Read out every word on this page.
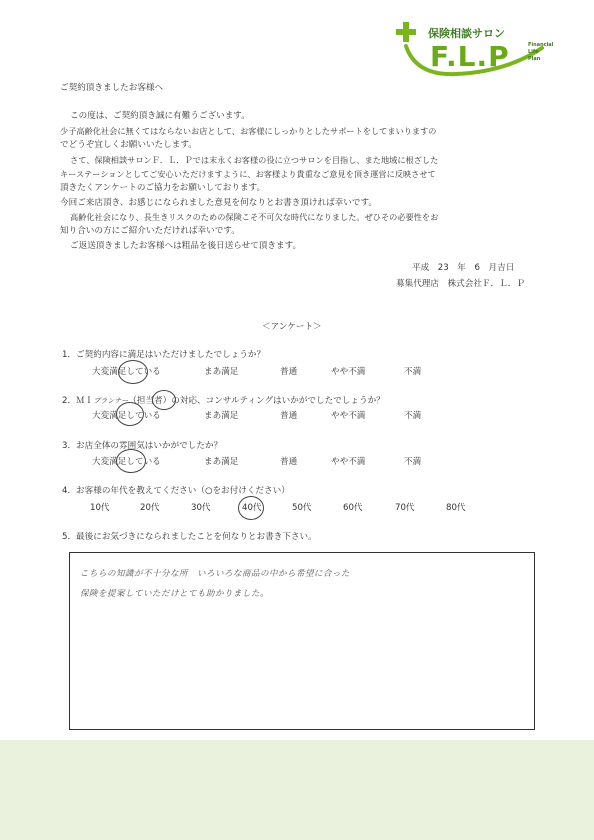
保険相談サロン
F.L.P	Financial
Life
Plan
ご契約頂きましたお客様へ
この度は、ご契約頂き誠に有難うございます。
少子高齢化社会に無くてはならないお店として、お客様にしっかりとしたサポートをしてまいりますの
でどうぞ宜しくお願いいたします。
さて、保険相談サロンＦ．Ｌ．Ｐでは末永くお客様の役に立つサロンを目指し、また地域に根ざした
キーステーションとしてご安心いただけますように、お客様より貴重なご意見を頂き運営に反映させて
頂きたくアンケートのご協力をお願いしております。
今回ご来店頂き、お感じになられました意見を何なりとお書き頂ければ幸いです。
高齢化社会になり、長生きリスクのための保険こそ不可欠な時代になりました。ぜひその必要性をお
知り合いの方にご紹介いただければ幸いです。
ご返送頂きましたお客様へは粗品を後日送らせて頂きます。
平成　23　年　6　月吉日
募集代理店　株式会社Ｆ．Ｌ．Ｐ
＜アンケート＞
1．ご契約内容に満足はいただけましたでしょうか？
大変満足している	まあ満足	普通	やや不満	不満
2．ＭＩプランナー（担当者）の対応、コンサルティングはいかがでしたでしょうか？
大変満足している	まあ満足	普通	やや不満	不満
3．お店全体の雰囲気はいかがでしたか？
大変満足している	まあ満足	普通	やや不満	不満
4．お客様の年代を教えてください（○をお付けください）
10代	20代	30代	40代	50代	60代	70代	80代
5．最後にお気づきになられましたことを何なりとお書き下さい。
こちらの知識が不十分な所　いろいろな商品の中から希望に合った
保険を提案していただけとても助かりました。
